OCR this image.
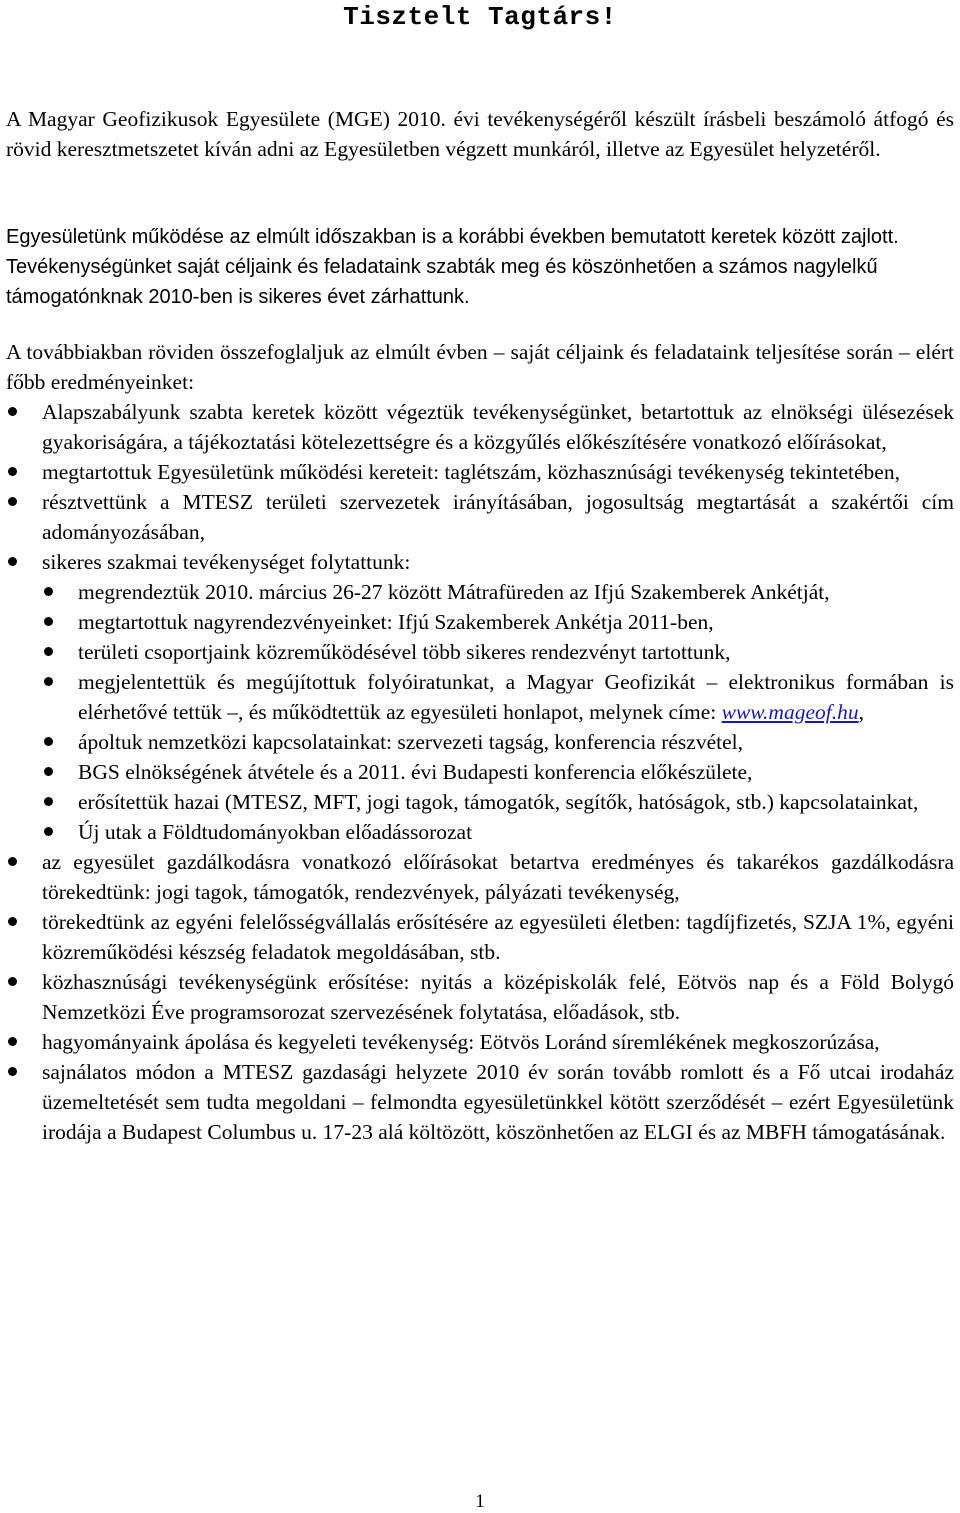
Tisztelt Tagtárs!

A Magyar Geofizikusok Egyesülete (MGE) 2010. évi tevékenységéről készült írásbeli beszámoló átfogó és rövid keresztmetszetet kíván adni az Egyesületben végzett munkáról, illetve az Egyesület helyzetéről.

Egyesületünk működése az elmúlt időszakban is a korábbi években bemutatott keretek között zajlott. Tevékenységünket saját céljaink és feladataink szabták meg és köszönhetően a számos nagylelkű támogatónknak 2010-ben is sikeres évet zárhattunk.

A továbbiakban röviden összefoglaljuk az elmúlt évben – saját céljaink és feladataink teljesítése során – elért főbb eredményeinket:

Alapszabályunk szabta keretek között végeztük tevékenységünket, betartottuk az elnökségi ülésezések gyakoriságára, a tájékoztatási kötelezettségre és a közgyűlés előkészítésére vonatkozó előírásokat,
megtartottuk Egyesületünk működési kereteit: taglétszám, közhasznúsági tevékenység tekintetében,
résztvettünk a MTESZ területi szervezetek irányításában, jogosultság megtartását a szakértői cím adományozásában,
sikeres szakmai tevékenységet folytattunk:
megrendeztük 2010. március 26-27 között Mátrafüreden az Ifjú Szakemberek Ankétját,
megtartottuk nagyrendezvényeinket: Ifjú Szakemberek Ankétja 2011-ben,
területi csoportjaink közreműködésével több sikeres rendezvényt tartottunk,
megjelentettük és megújítottuk folyóiratunkat, a Magyar Geofizikát – elektronikus formában is elérhetővé tettük –, és működtettük az egyesületi honlapot, melynek címe: www.mageof.hu,
ápoltuk nemzetközi kapcsolatainkat: szervezeti tagság, konferencia részvétel,
BGS elnökségének átvétele és a 2011. évi Budapesti konferencia előkészülete,
erősítettük hazai (MTESZ, MFT, jogi tagok, támogatók, segítők, hatóságok, stb.) kapcsolatainkat,
Új utak a Földtudományokban előadássorozat
az egyesület gazdálkodásra vonatkozó előírásokat betartva eredményes és takarékos gazdálkodásra törekedtünk: jogi tagok, támogatók, rendezvények, pályázati tevékenység,
törekedtünk az egyéni felelősségvállalás erősítésére az egyesületi életben: tagdíjfizetés, SZJA 1%, egyéni közreműködési készség feladatok megoldásában, stb.
közhasznúsági tevékenységünk erősítése: nyitás a középiskolák felé, Eötvös nap és a Föld Bolygó Nemzetközi Éve programsorozat szervezésének folytatása, előadások, stb.
hagyományaink ápolása és kegyeleti tevékenység: Eötvös Loránd síremlékének megkoszorúzása,
sajnálatos módon a MTESZ gazdasági helyzete 2010 év során tovább romlott és a Fő utcai irodaház üzemeltetését sem tudta megoldani – felmondta egyesületünkkel kötött szerződését – ezért Egyesületünk irodája a Budapest Columbus u. 17-23 alá költözött, köszönhetően az ELGI és az MBFH támogatásának.
1
